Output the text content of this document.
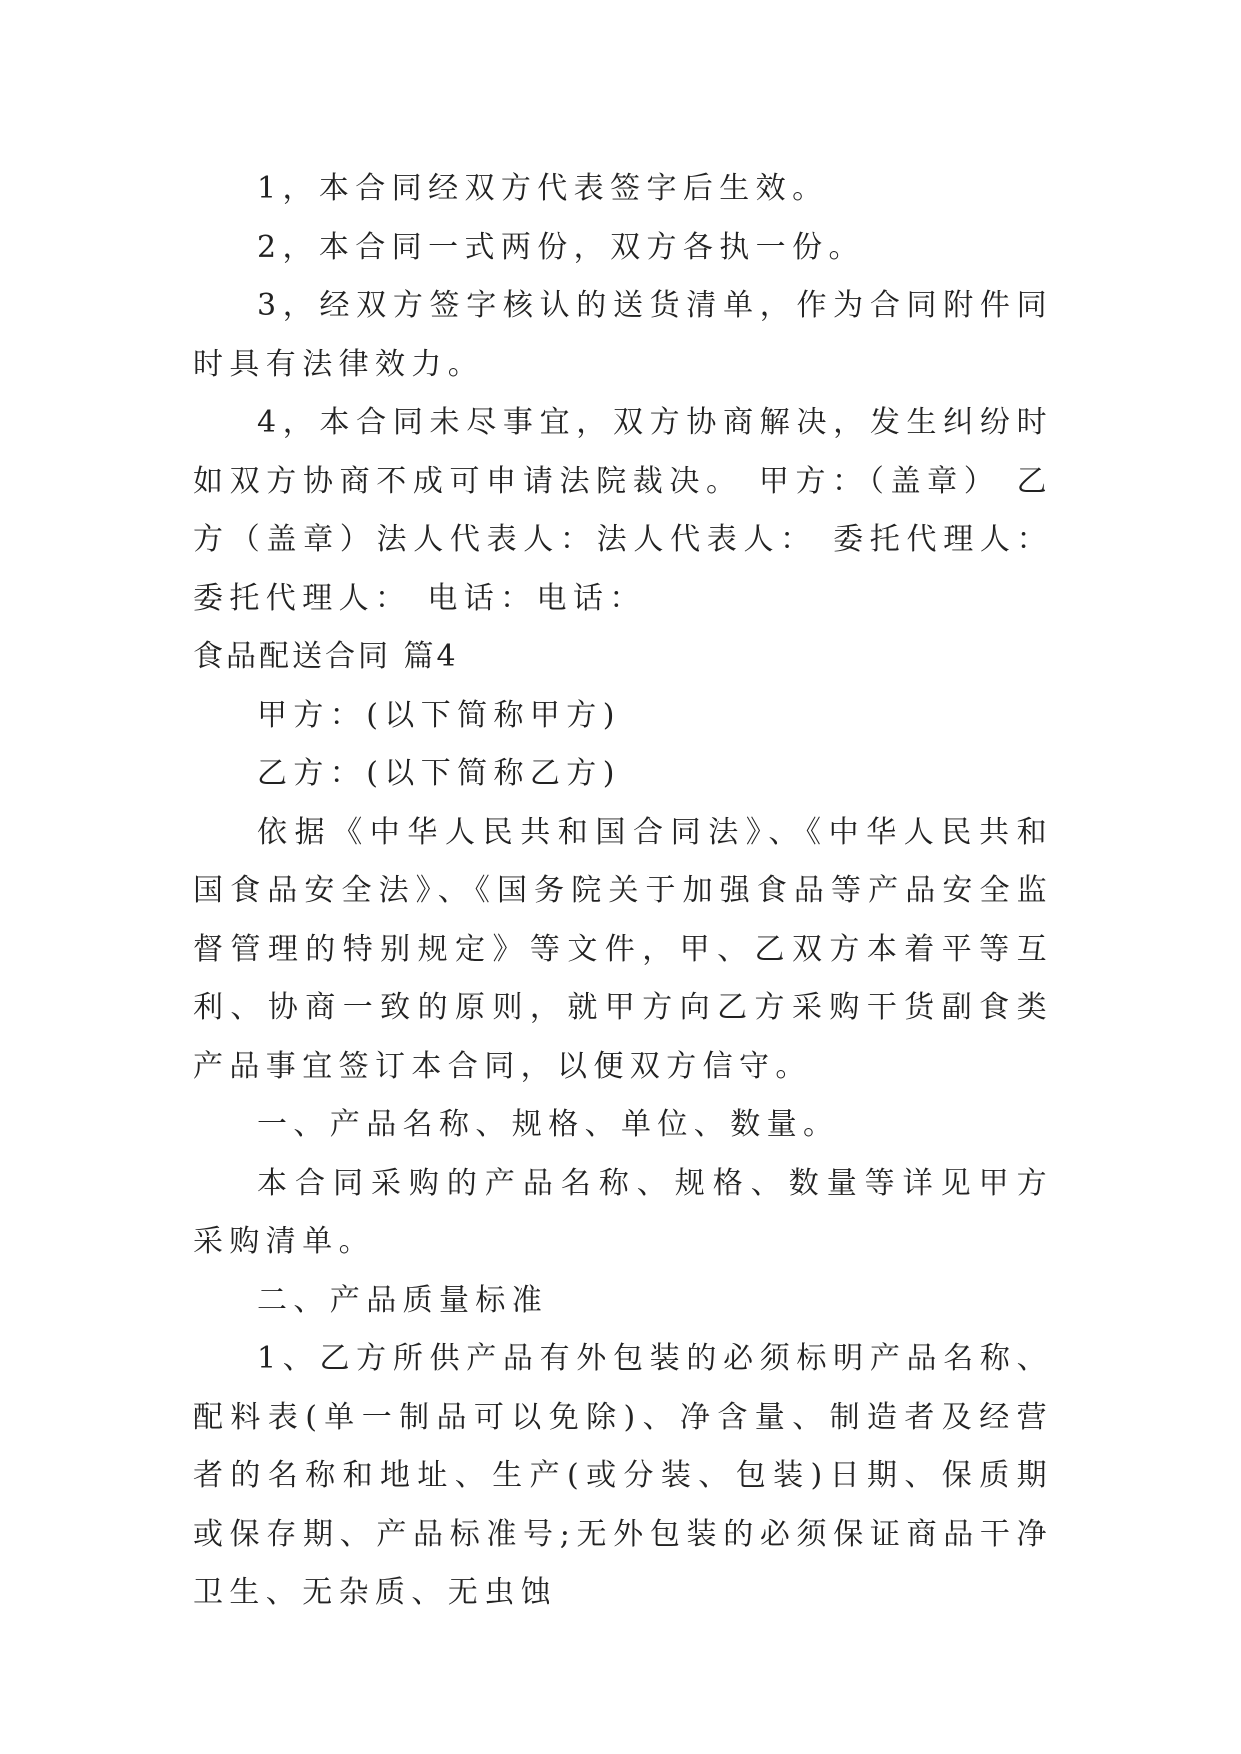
1，本合同经双方代表签字后生效。

2，本合同一式两份，双方各执一份。

3，经双方签字核认的送货清单，作为合同附件同时具有法律效力。

4，本合同未尽事宜，双方协商解决，发生纠纷时如双方协商不成可申请法院裁决。 甲方：（盖章） 乙方（盖章）法人代表人：法人代表人： 委托代理人：委托代理人： 电话：电话：

食品配送合同 篇4

甲方：(以下简称甲方)

乙方：(以下简称乙方)

依据《中华人民共和国合同法》、《中华人民共和国食品安全法》、《国务院关于加强食品等产品安全监督管理的特别规定》等文件，甲、乙双方本着平等互利、协商一致的原则，就甲方向乙方采购干货副食类产品事宜签订本合同，以便双方信守。

一、产品名称、规格、单位、数量。

本合同采购的产品名称、规格、数量等详见甲方采购清单。

二、产品质量标准

1、乙方所供产品有外包装的必须标明产品名称、配料表(单一制品可以免除)、净含量、制造者及经营者的名称和地址、生产(或分装、包装)日期、保质期或保存期、产品标准号;无外包装的必须保证商品干净卫生、无杂质、无虫蚀
